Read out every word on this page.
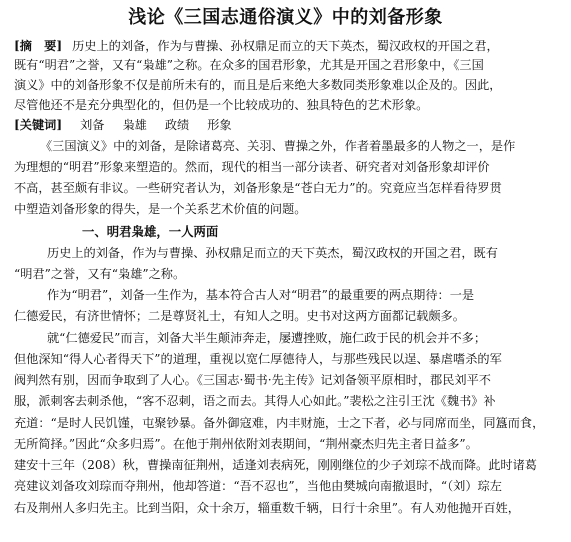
浅论《三国志通俗演义》中的刘备形象
[摘　要] 历史上的刘备，作为与曹操、孙权鼎足而立的天下英杰，蜀汉政权的开国之君，
既有“明君”之誉，又有“枭雄”之称。在众多的国君形象，尤其是开国之君形象中，《三国
演义》中的刘备形象不仅是前所未有的，而且是后来绝大多数同类形象难以企及的。因此，
尽管他还不是充分典型化的，但仍是一个比较成功的、独具特色的艺术形象。
[关键词] 刘备 枭雄 政绩 形象
《三国演义》中的刘备，是除诸葛亮、关羽、曹操之外，作者着墨最多的人物之一，是作
为理想的“明君”形象来塑造的。然而，现代的相当一部分读者、研究者对刘备形象却评价
不高，甚至颇有非议。一些研究者认为，刘备形象是“苍白无力”的。究竟应当怎样看待罗贯
中塑造刘备形象的得失，是一个关系艺术价值的问题。
一、明君枭雄，一人两面
历史上的刘备，作为与曹操、孙权鼎足而立的天下英杰，蜀汉政权的开国之君，既有
“明君”之誉，又有“枭雄”之称。
作为“明君”，刘备一生作为，基本符合古人对“明君”的最重要的两点期待：一是
仁德爱民，有济世情怀；二是尊贤礼士，有知人之明。史书对这两方面都记载颇多。
就“仁德爱民”而言，刘备大半生颠沛奔走，屡遭挫败，施仁政于民的机会并不多；
但他深知“得人心者得天下”的道理，重视以宽仁厚德待人，与那些残民以逞、暴虐嗜杀的军
阀判然有别，因而争取到了人心。《三国志·蜀书·先主传》记刘备领平原相时，郡民刘平不
服，派刺客去刺杀他，“客不忍刺，语之而去。其得人心如此。”裴松之注引王沈《魏书》补
充道：“是时人民饥馑，屯聚钞暴。备外御寇难，内丰财施，士之下者，必与同席而坐，同簋而食，
无所简择。”因此“众多归焉”。在他于荆州依附刘表期间，“荆州豪杰归先主者日益多”。
建安十三年（208）秋，曹操南征荆州，适逢刘表病死，刚刚继位的少子刘琮不战而降。此时诸葛
亮建议刘备攻刘琮而夺荆州，他却答道：“吾不忍也”，当他由樊城向南撤退时，“（刘）琮左
右及荆州人多归先主。比到当阳，众十余万，辎重数千辆，日行十余里”。有人劝他抛开百姓，
